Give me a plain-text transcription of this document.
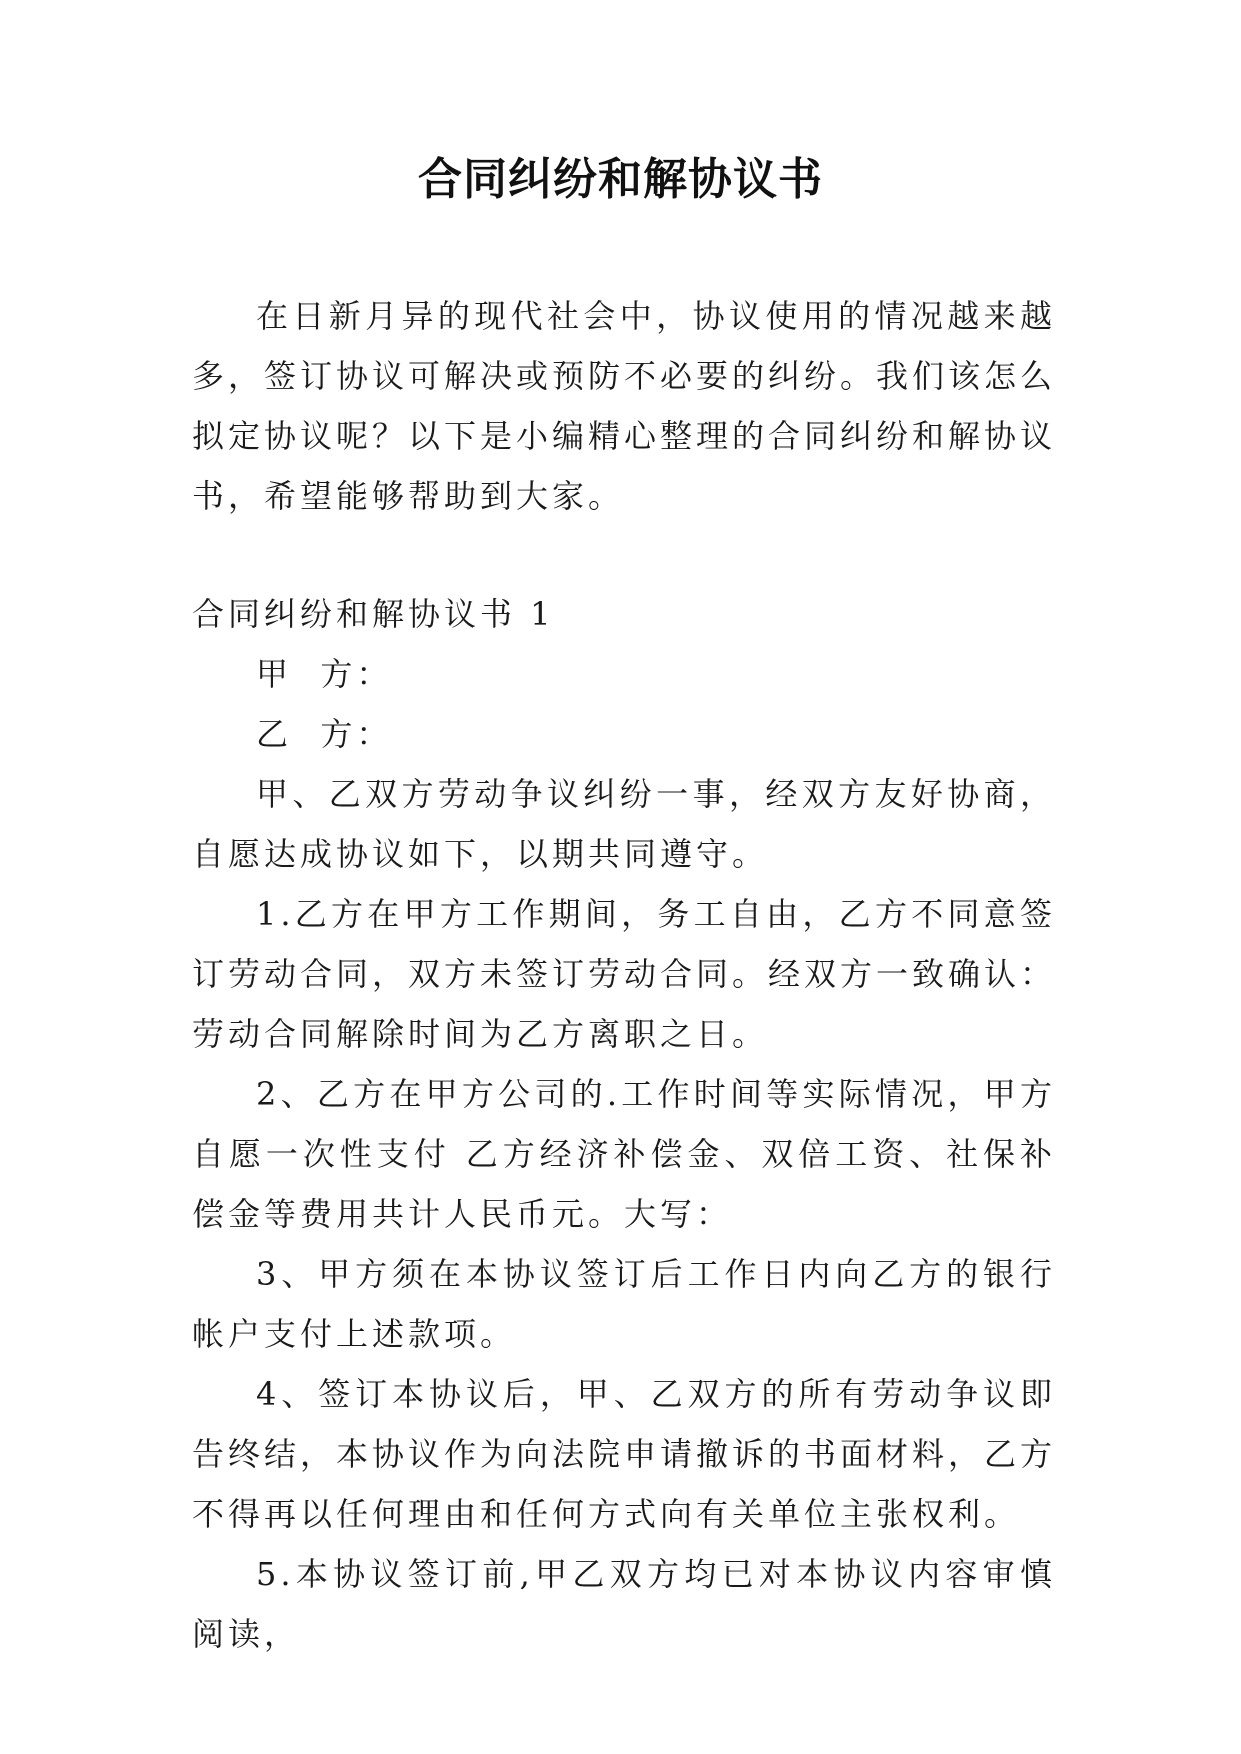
合同纠纷和解协议书

在日新月异的现代社会中，协议使用的情况越来越多，签订协议可解决或预防不必要的纠纷。我们该怎么拟定协议呢？以下是小编精心整理的合同纠纷和解协议书，希望能够帮助到大家。

合同纠纷和解协议书 1

甲  方：

乙  方：

甲、乙双方劳动争议纠纷一事，经双方友好协商，自愿达成协议如下，以期共同遵守。

1.乙方在甲方工作期间，务工自由，乙方不同意签订劳动合同，双方未签订劳动合同。经双方一致确认：劳动合同解除时间为乙方离职之日。

2、乙方在甲方公司的.工作时间等实际情况，甲方自愿一次性支付 乙方经济补偿金、双倍工资、社保补偿金等费用共计人民币元。大写：

3、甲方须在本协议签订后工作日内向乙方的银行帐户支付上述款项。

4、签订本协议后，甲、乙双方的所有劳动争议即告终结，本协议作为向法院申请撤诉的书面材料，乙方不得再以任何理由和任何方式向有关单位主张权利。

5.本协议签订前,甲乙双方均已对本协议内容审慎阅读，
